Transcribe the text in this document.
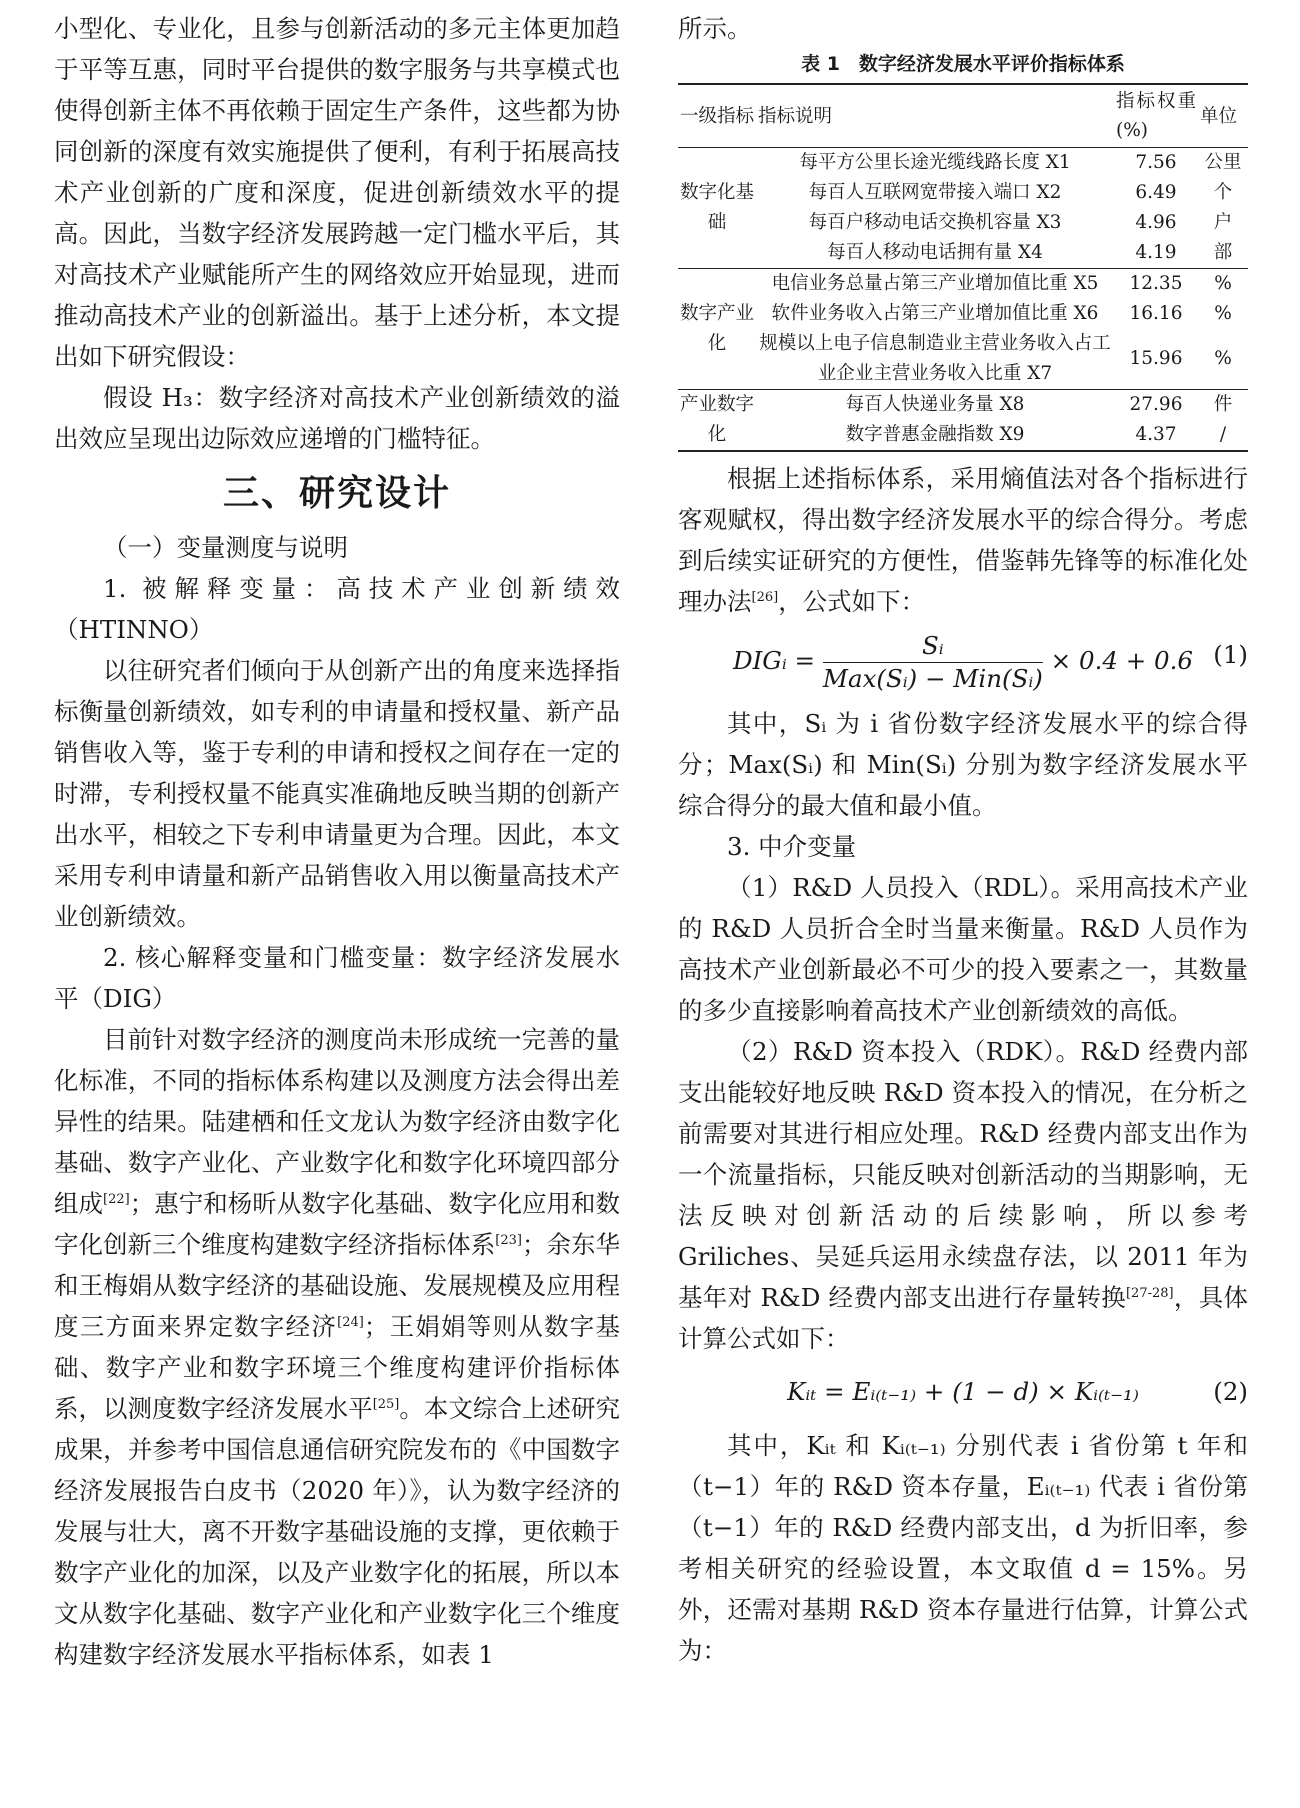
小型化、专业化，且参与创新活动的多元主体更加趋于平等互惠，同时平台提供的数字服务与共享模式也使得创新主体不再依赖于固定生产条件，这些都为协同创新的深度有效实施提供了便利，有利于拓展高技术产业创新的广度和深度，促进创新绩效水平的提高。因此，当数字经济发展跨越一定门槛水平后，其对高技术产业赋能所产生的网络效应开始显现，进而推动高技术产业的创新溢出。基于上述分析，本文提出如下研究假设：

假设 H₃：数字经济对高技术产业创新绩效的溢出效应呈现出边际效应递增的门槛特征。

三、研究设计

（一）变量测度与说明

1. 被解释变量：高技术产业创新绩效（HTINNO）

以往研究者们倾向于从创新产出的角度来选择指标衡量创新绩效，如专利的申请量和授权量、新产品销售收入等，鉴于专利的申请和授权之间存在一定的时滞，专利授权量不能真实准确地反映当期的创新产出水平，相较之下专利申请量更为合理。因此，本文采用专利申请量和新产品销售收入用以衡量高技术产业创新绩效。

2. 核心解释变量和门槛变量：数字经济发展水平（DIG）

目前针对数字经济的测度尚未形成统一完善的量化标准，不同的指标体系构建以及测度方法会得出差异性的结果。陆建栖和任文龙认为数字经济由数字化基础、数字产业化、产业数字化和数字化环境四部分组成[22]；惠宁和杨昕从数字化基础、数字化应用和数字化创新三个维度构建数字经济指标体系[23]；余东华和王梅娟从数字经济的基础设施、发展规模及应用程度三方面来界定数字经济[24]；王娟娟等则从数字基础、数字产业和数字环境三个维度构建评价指标体系，以测度数字经济发展水平[25]。本文综合上述研究成果，并参考中国信息通信研究院发布的《中国数字经济发展报告白皮书（2020 年）》，认为数字经济的发展与壮大，离不开数字基础设施的支撑，更依赖于数字产业化的加深，以及产业数字化的拓展，所以本文从数字化基础、数字产业化和产业数字化三个维度构建数字经济发展水平指标体系，如表 1

所示。

表 1　数字经济发展水平评价指标体系
一级指标	指标说明	指标权重(%)	单位
数字化基础	每平方公里长途光缆线路长度 X1	7.56	公里
	每百人互联网宽带接入端口 X2	6.49	个
	每百户移动电话交换机容量 X3	4.96	户
	每百人移动电话拥有量 X4	4.19	部
数字产业化	电信业务总量占第三产业增加值比重 X5	12.35	%
	软件业务收入占第三产业增加值比重 X6	16.16	%
	规模以上电子信息制造业主营业务收入占工业企业主营业务收入比重 X7	15.96	%
产业数字化	每百人快递业务量 X8	27.96	件
	数字普惠金融指数 X9	4.37	/

根据上述指标体系，采用熵值法对各个指标进行客观赋权，得出数字经济发展水平的综合得分。考虑到后续实证研究的方便性，借鉴韩先锋等的标准化处理办法[26]，公式如下：

DIGᵢ = $\frac{\text{Sᵢ}}{\text{Max(Sᵢ) − Min(Sᵢ)}} \times 0.4 + 0.6$ (1)

其中，Sᵢ 为 i 省份数字经济发展水平的综合得分；Max(Sᵢ) 和 Min(Sᵢ) 分别为数字经济发展水平综合得分的最大值和最小值。

3. 中介变量

（1）R&D 人员投入（RDL）。采用高技术产业的 R&D 人员折合全时当量来衡量。R&D 人员作为高技术产业创新最必不可少的投入要素之一，其数量的多少直接影响着高技术产业创新绩效的高低。

（2）R&D 资本投入（RDK）。R&D 经费内部支出能较好地反映 R&D 资本投入的情况，在分析之前需要对其进行相应处理。R&D 经费内部支出作为一个流量指标，只能反映对创新活动的当期影响，无法反映对创新活动的后续影响，所以参考 Griliches、吴延兵运用永续盘存法，以 2011 年为基年对 R&D 经费内部支出进行存量转换[27-28]，具体计算公式如下：

Kᵢₜ = Eᵢ₍ₜ₋₁₎ + (1 − d) × Kᵢ₍ₜ₋₁₎	(2)

其中，Kᵢₜ 和 Kᵢ₍ₜ₋₁₎ 分别代表 i 省份第 t 年和（t−1）年的 R&D 资本存量，Eᵢ₍ₜ₋₁₎ 代表 i 省份第（t−1）年的 R&D 经费内部支出，d 为折旧率，参考相关研究的经验设置，本文取值 d = 15%。另外，还需对基期 R&D 资本存量进行估算，计算公式为：
